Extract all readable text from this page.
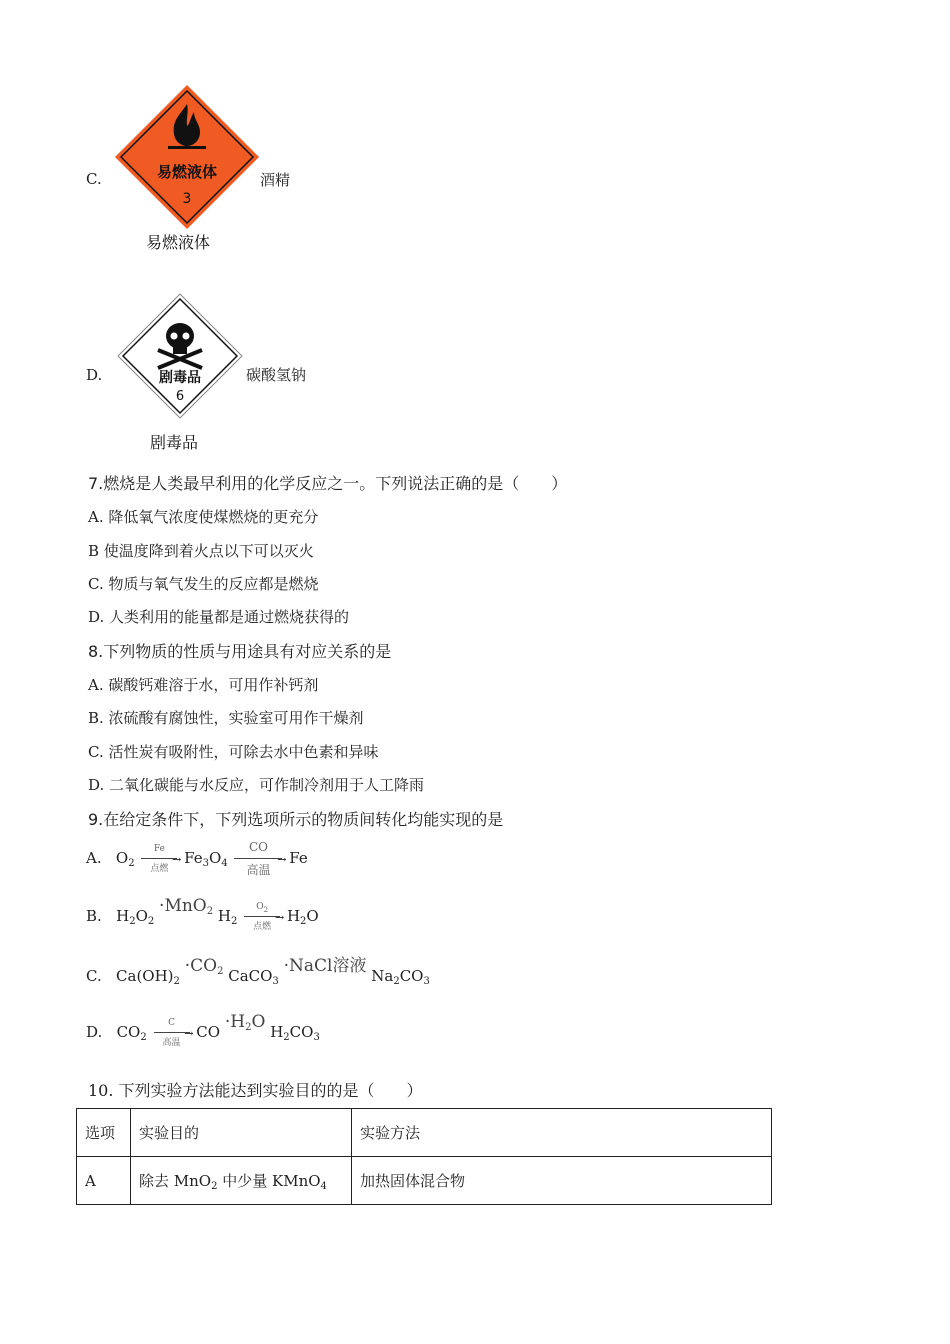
C.	易燃液体
3
易燃液体
酒精
D.	剧毒品
6
剧毒品
碳酸氢钠
7.燃烧是人类最早利用的化学反应之一。下列说法正确的是（　　）
A. 降低氧气浓度使煤燃烧的更充分
B 使温度降到着火点以下可以灭火
C. 物质与氧气发生的反应都是燃烧
D. 人类利用的能量都是通过燃烧获得的
8.下列物质的性质与用途具有对应关系的是
A. 碳酸钙难溶于水，可用作补钙剂
B. 浓硫酸有腐蚀性，实验室可用作干燥剂
C. 活性炭有吸附性，可除去水中色素和异味
D. 二氧化碳能与水反应，可作制冷剂用于人工降雨
9.在给定条件下，下列选项所示的物质间转化均能实现的是
A. $O_2$
Fe
→
点燃
$Fe_3O_4$
CO
→
高温
Fe
B. $H_2O_2 \cdot MnO_2$ $H_2$
$O_2$
→
点燃
$H_2O$
C. $Ca(OH)_2 \cdot CO_2$ CaCO$_3$ ·NaCl溶液 $Na_2CO_3$
D. $CO_2$
C
→
高温
CO $\cdot H_2O$ $H_2CO_3$
10. 下列实验方法能达到实验目的的是（　　）
选项	实验目的	实验方法
A	除去 MnO$_2$ 中少量 KMnO$_4$	加热固体混合物
